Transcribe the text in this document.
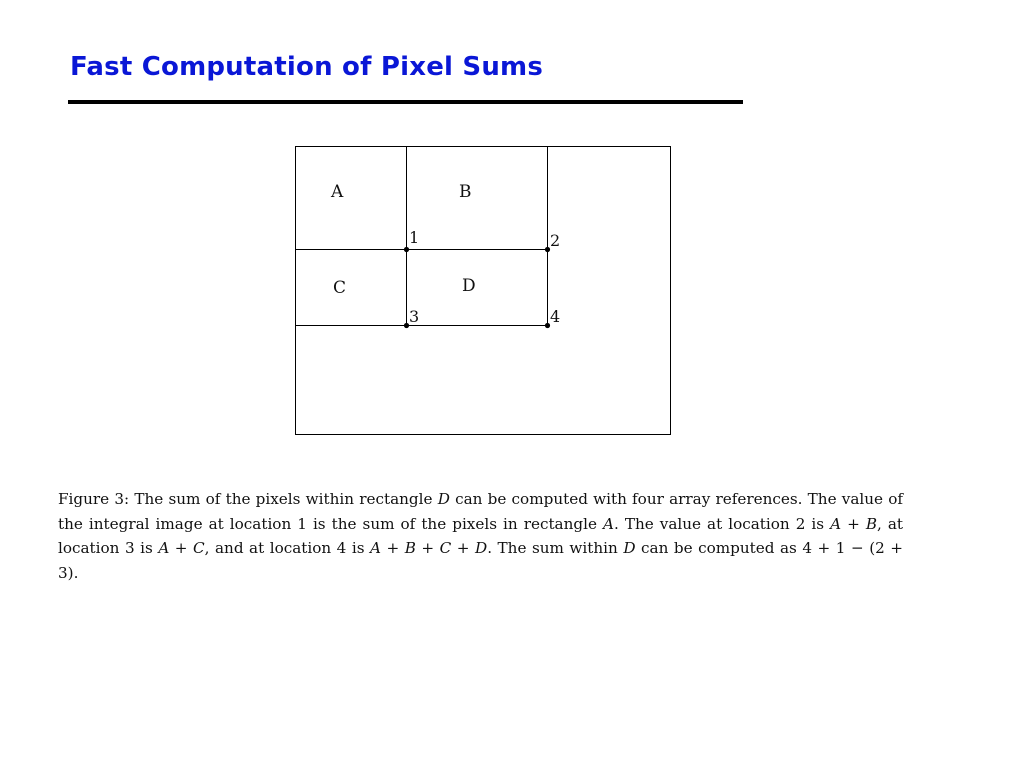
Fast Computation of Pixel Sums
A	B
C	D
1	2
3	4
Figure 3: The sum of the pixels within rectangle D can be computed with four array references. The value of the integral image at location 1 is the sum of the pixels in rectangle A. The value at location 2 is A + B, at location 3 is A + C, and at location 4 is A + B + C + D. The sum within D can be computed as 4 + 1 − (2 + 3).
